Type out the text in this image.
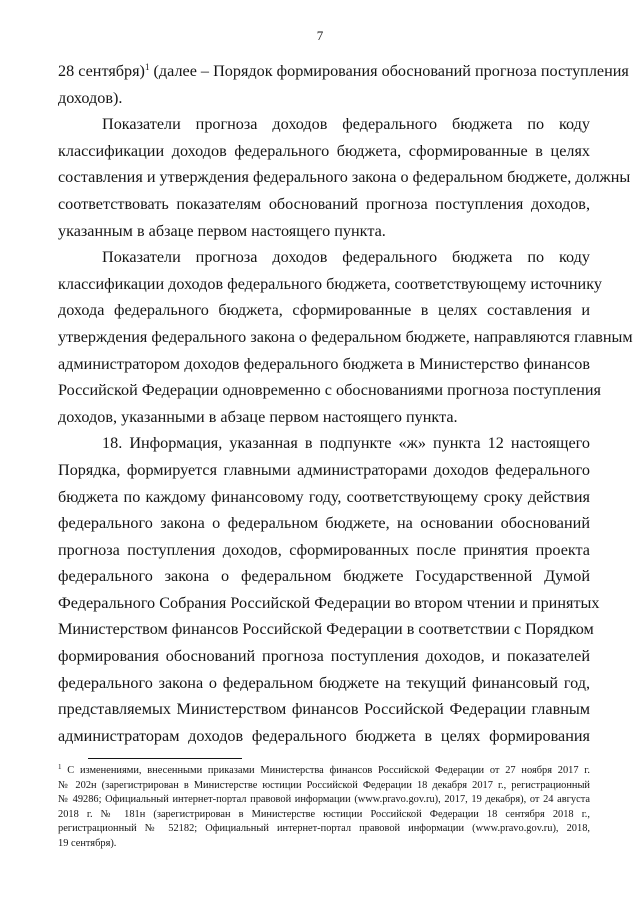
7
28 сентября)$^1$ (далее – Порядок формирования обоснований прогноза поступления
доходов).
Показатели прогноза доходов федерального бюджета по коду
классификации доходов федерального бюджета, сформированные в целях
составления и утверждения федерального закона о федеральном бюджете, должны
соответствовать показателям обоснований прогноза поступления доходов,
указанным в абзаце первом настоящего пункта.
Показатели прогноза доходов федерального бюджета по коду
классификации доходов федерального бюджета, соответствующему источнику
дохода федерального бюджета, сформированные в целях составления и
утверждения федерального закона о федеральном бюджете, направляются главным
администратором доходов федерального бюджета в Министерство финансов
Российской Федерации одновременно с обоснованиями прогноза поступления
доходов, указанными в абзаце первом настоящего пункта.
18. Информация, указанная в подпункте «ж» пункта 12 настоящего
Порядка, формируется главными администраторами доходов федерального
бюджета по каждому финансовому году, соответствующему сроку действия
федерального закона о федеральном бюджете, на основании обоснований
прогноза поступления доходов, сформированных после принятия проекта
федерального закона о федеральном бюджете Государственной Думой
Федерального Собрания Российской Федерации во втором чтении и принятых
Министерством финансов Российской Федерации в соответствии с Порядком
формирования обоснований прогноза поступления доходов, и показателей
федерального закона о федеральном бюджете на текущий финансовый год,
представляемых Министерством финансов Российской Федерации главным
администраторам доходов федерального бюджета в целях формирования
$^1$ С изменениями, внесенными приказами Министерства финансов Российской Федерации от 27 ноября 2017 г.
№ 202н (зарегистрирован в Министерстве юстиции Российской Федерации 18 декабря 2017 г., регистрационный
№ 49286; Официальный интернет-портал правовой информации (www.pravo.gov.ru), 2017, 19 декабря), от 24 августа
2018 г. № 181н (зарегистрирован в Министерстве юстиции Российской Федерации 18 сентября 2018 г.,
регистрационный № 52182; Официальный интернет-портал правовой информации (www.pravo.gov.ru), 2018,
19 сентября).
